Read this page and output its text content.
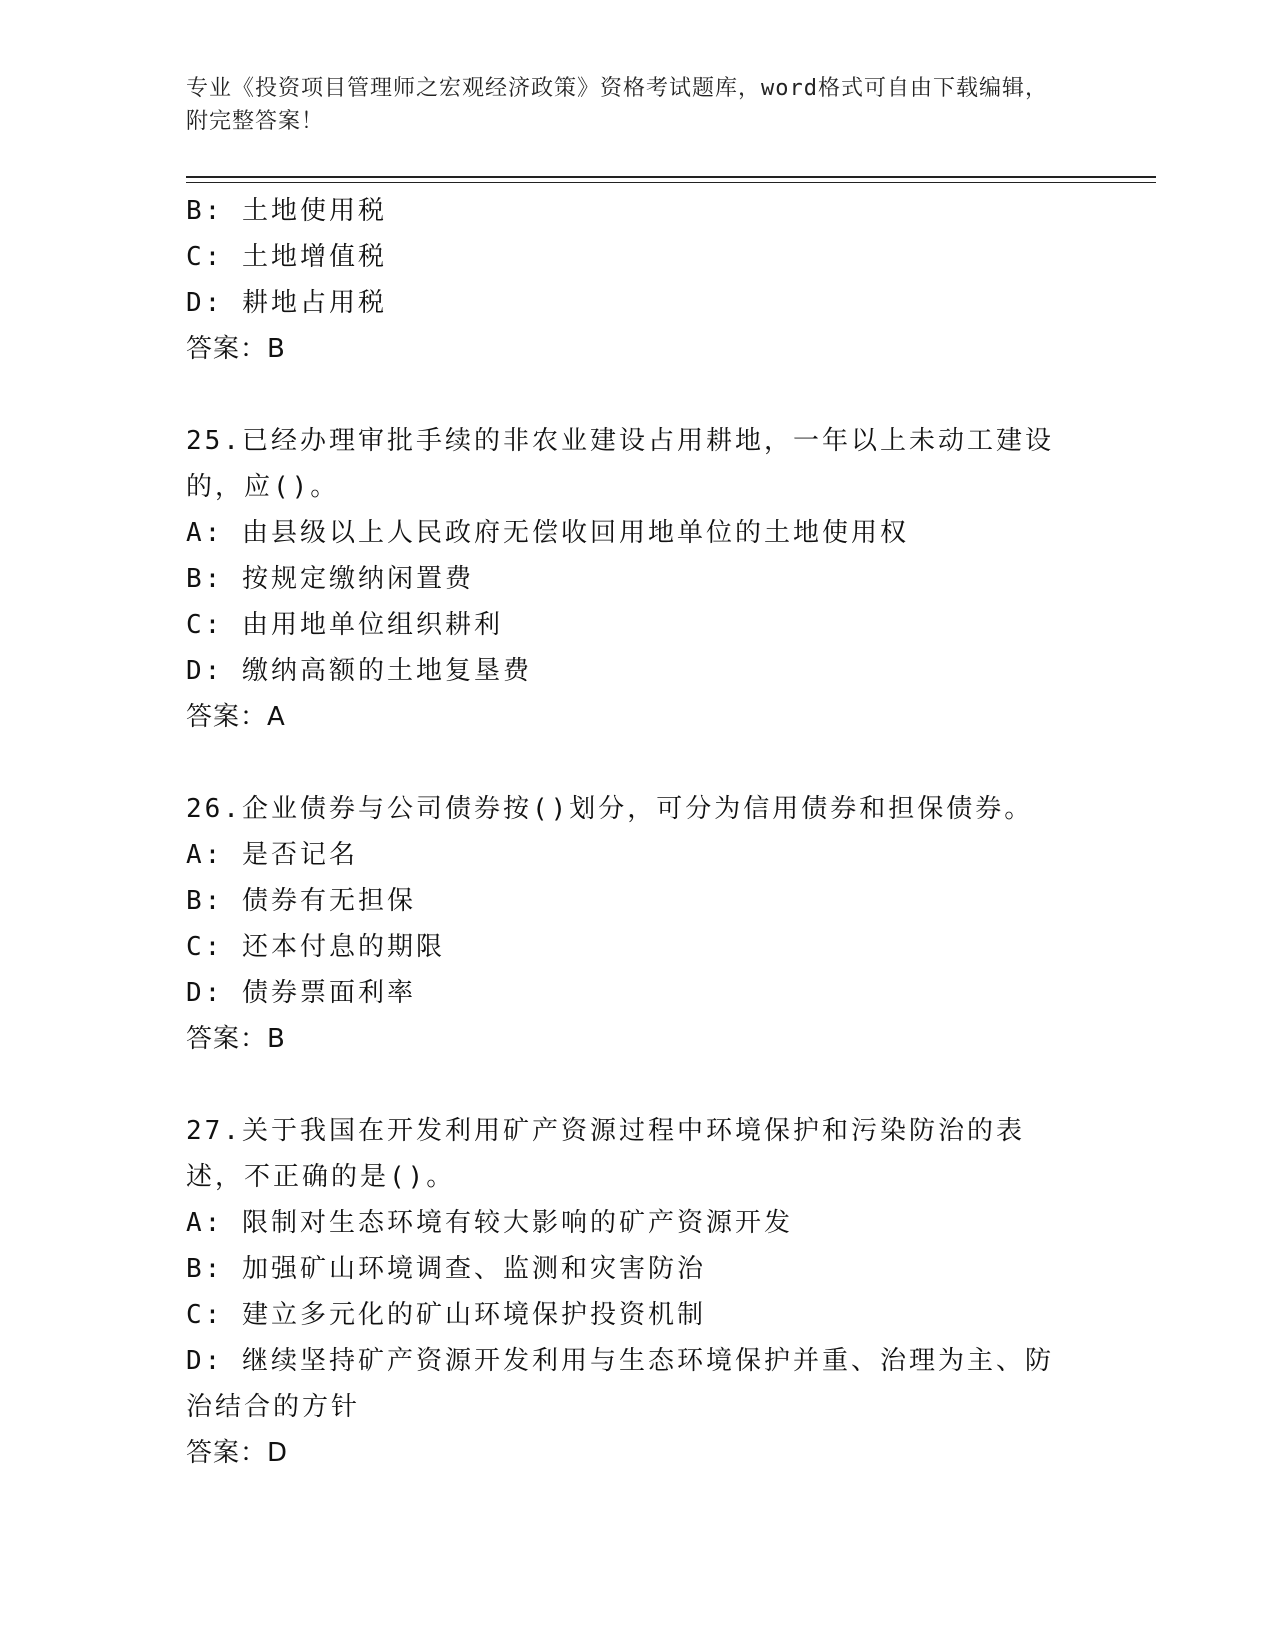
专业《投资项目管理师之宏观经济政策》资格考试题库，word格式可自由下载编辑，附完整答案！

B: 土地使用税

C: 土地增值税

D: 耕地占用税

答案：B

25.已经办理审批手续的非农业建设占用耕地，一年以上未动工建设的，应()。

A: 由县级以上人民政府无偿收回用地单位的土地使用权

B: 按规定缴纳闲置费

C: 由用地单位组织耕利

D: 缴纳高额的土地复垦费

答案：A

26.企业债券与公司债券按()划分，可分为信用债券和担保债券。

A: 是否记名

B: 债券有无担保

C: 还本付息的期限

D: 债券票面利率

答案：B

27.关于我国在开发利用矿产资源过程中环境保护和污染防治的表述，不正确的是()。

A: 限制对生态环境有较大影响的矿产资源开发

B: 加强矿山环境调查、监测和灾害防治

C: 建立多元化的矿山环境保护投资机制

D: 继续坚持矿产资源开发利用与生态环境保护并重、治理为主、防治结合的方针

答案：D
